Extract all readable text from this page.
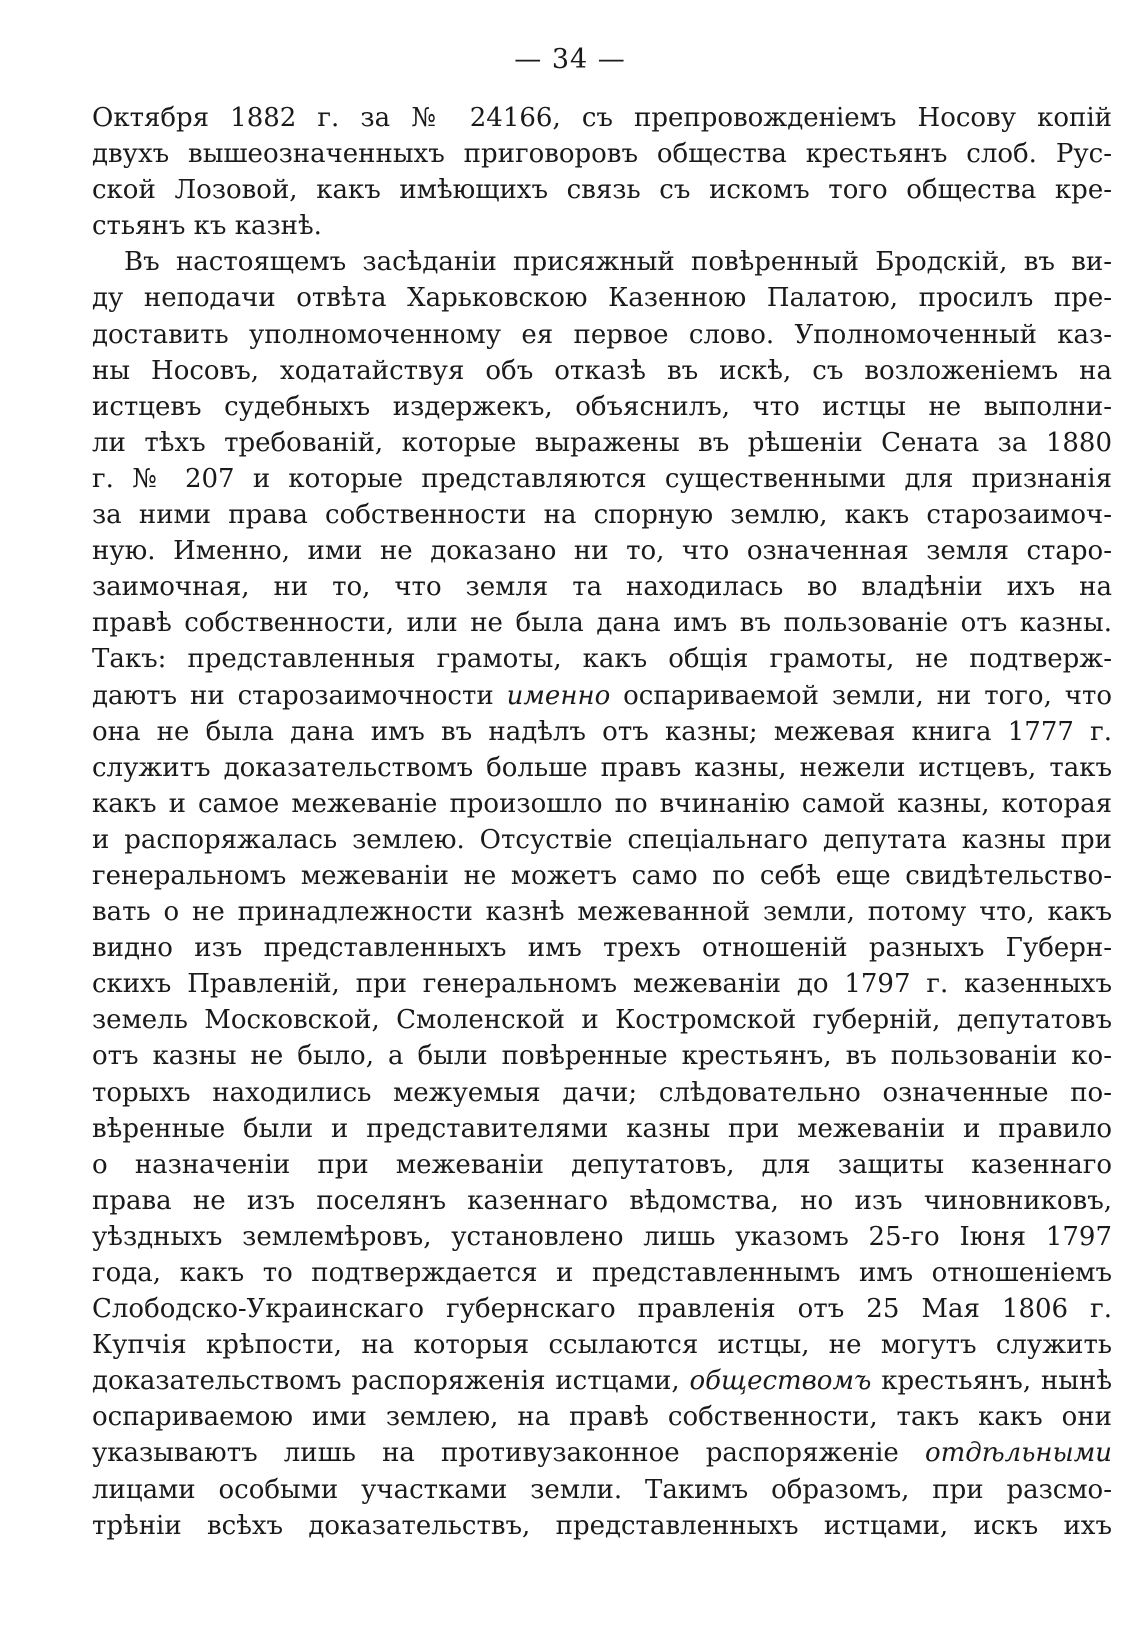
— 34 —
Октября 1882 г. за № 24166, съ препровожденіемъ Носову копій
двухъ вышеозначенныхъ приговоровъ общества крестьянъ слоб. Рус-
ской Лозовой, какъ имѣющихъ связь съ искомъ того общества кре-
стьянъ къ казнѣ.
Въ настоящемъ засѣданіи присяжный повѣренный Бродскій, въ ви-
ду неподачи отвѣта Харьковскою Казенною Палатою, просилъ пре-
доставить уполномоченному ея первое слово. Уполномоченный каз-
ны Носовъ, ходатайствуя объ отказѣ въ искѣ, съ возложеніемъ на
истцевъ судебныхъ издержекъ, объяснилъ, что истцы не выполни-
ли тѣхъ требованій, которые выражены въ рѣшеніи Сената за 1880
г. № 207 и которые представляются существенными для признанія
за ними права собственности на спорную землю, какъ старозаимоч-
ную. Именно, ими не доказано ни то, что означенная земля старо-
заимочная, ни то, что земля та находилась во владѣніи ихъ на
правѣ собственности, или не была дана имъ въ пользованіе отъ казны.
Такъ: представленныя грамоты, какъ общія грамоты, не подтверж-
даютъ ни старозаимочности именно оспариваемой земли, ни того, что
она не была дана имъ въ надѣлъ отъ казны; межевая книга 1777 г.
служитъ доказательствомъ больше правъ казны, нежели истцевъ, такъ
какъ и самое межеваніе произошло по вчинанію самой казны, которая
и распоряжалась землею. Отсуствіе спеціальнаго депутата казны при
генеральномъ межеваніи не можетъ само по себѣ еще свидѣтельство-
вать о не принадлежности казнѣ межеванной земли, потому что, какъ
видно изъ представленныхъ имъ трехъ отношеній разныхъ Губерн-
скихъ Правленій, при генеральномъ межеваніи до 1797 г. казенныхъ
земель Московской, Смоленской и Костромской губерній, депутатовъ
отъ казны не было, а были повѣренные крестьянъ, въ пользованіи ко-
торыхъ находились межуемыя дачи; слѣдовательно означенные по-
вѣренные были и представителями казны при межеваніи и правило
о назначеніи при межеваніи депутатовъ, для защиты казеннаго
права не изъ поселянъ казеннаго вѣдомства, но изъ чиновниковъ,
уѣздныхъ землемѣровъ, установлено лишь указомъ 25-го Іюня 1797
года, какъ то подтверждается и представленнымъ имъ отношеніемъ
Слободско-Украинскаго губернскаго правленія отъ 25 Мая 1806 г.
Купчія крѣпости, на которыя ссылаются истцы, не могутъ служить
доказательствомъ распоряженія истцами, обществомъ крестьянъ, нынѣ
оспариваемою ими землею, на правѣ собственности, такъ какъ они
указываютъ лишь на противузаконное распоряженіе отдѣльными
лицами особыми участками земли. Такимъ образомъ, при разсмо-
трѣніи всѣхъ доказательствъ, представленныхъ истцами, искъ ихъ
